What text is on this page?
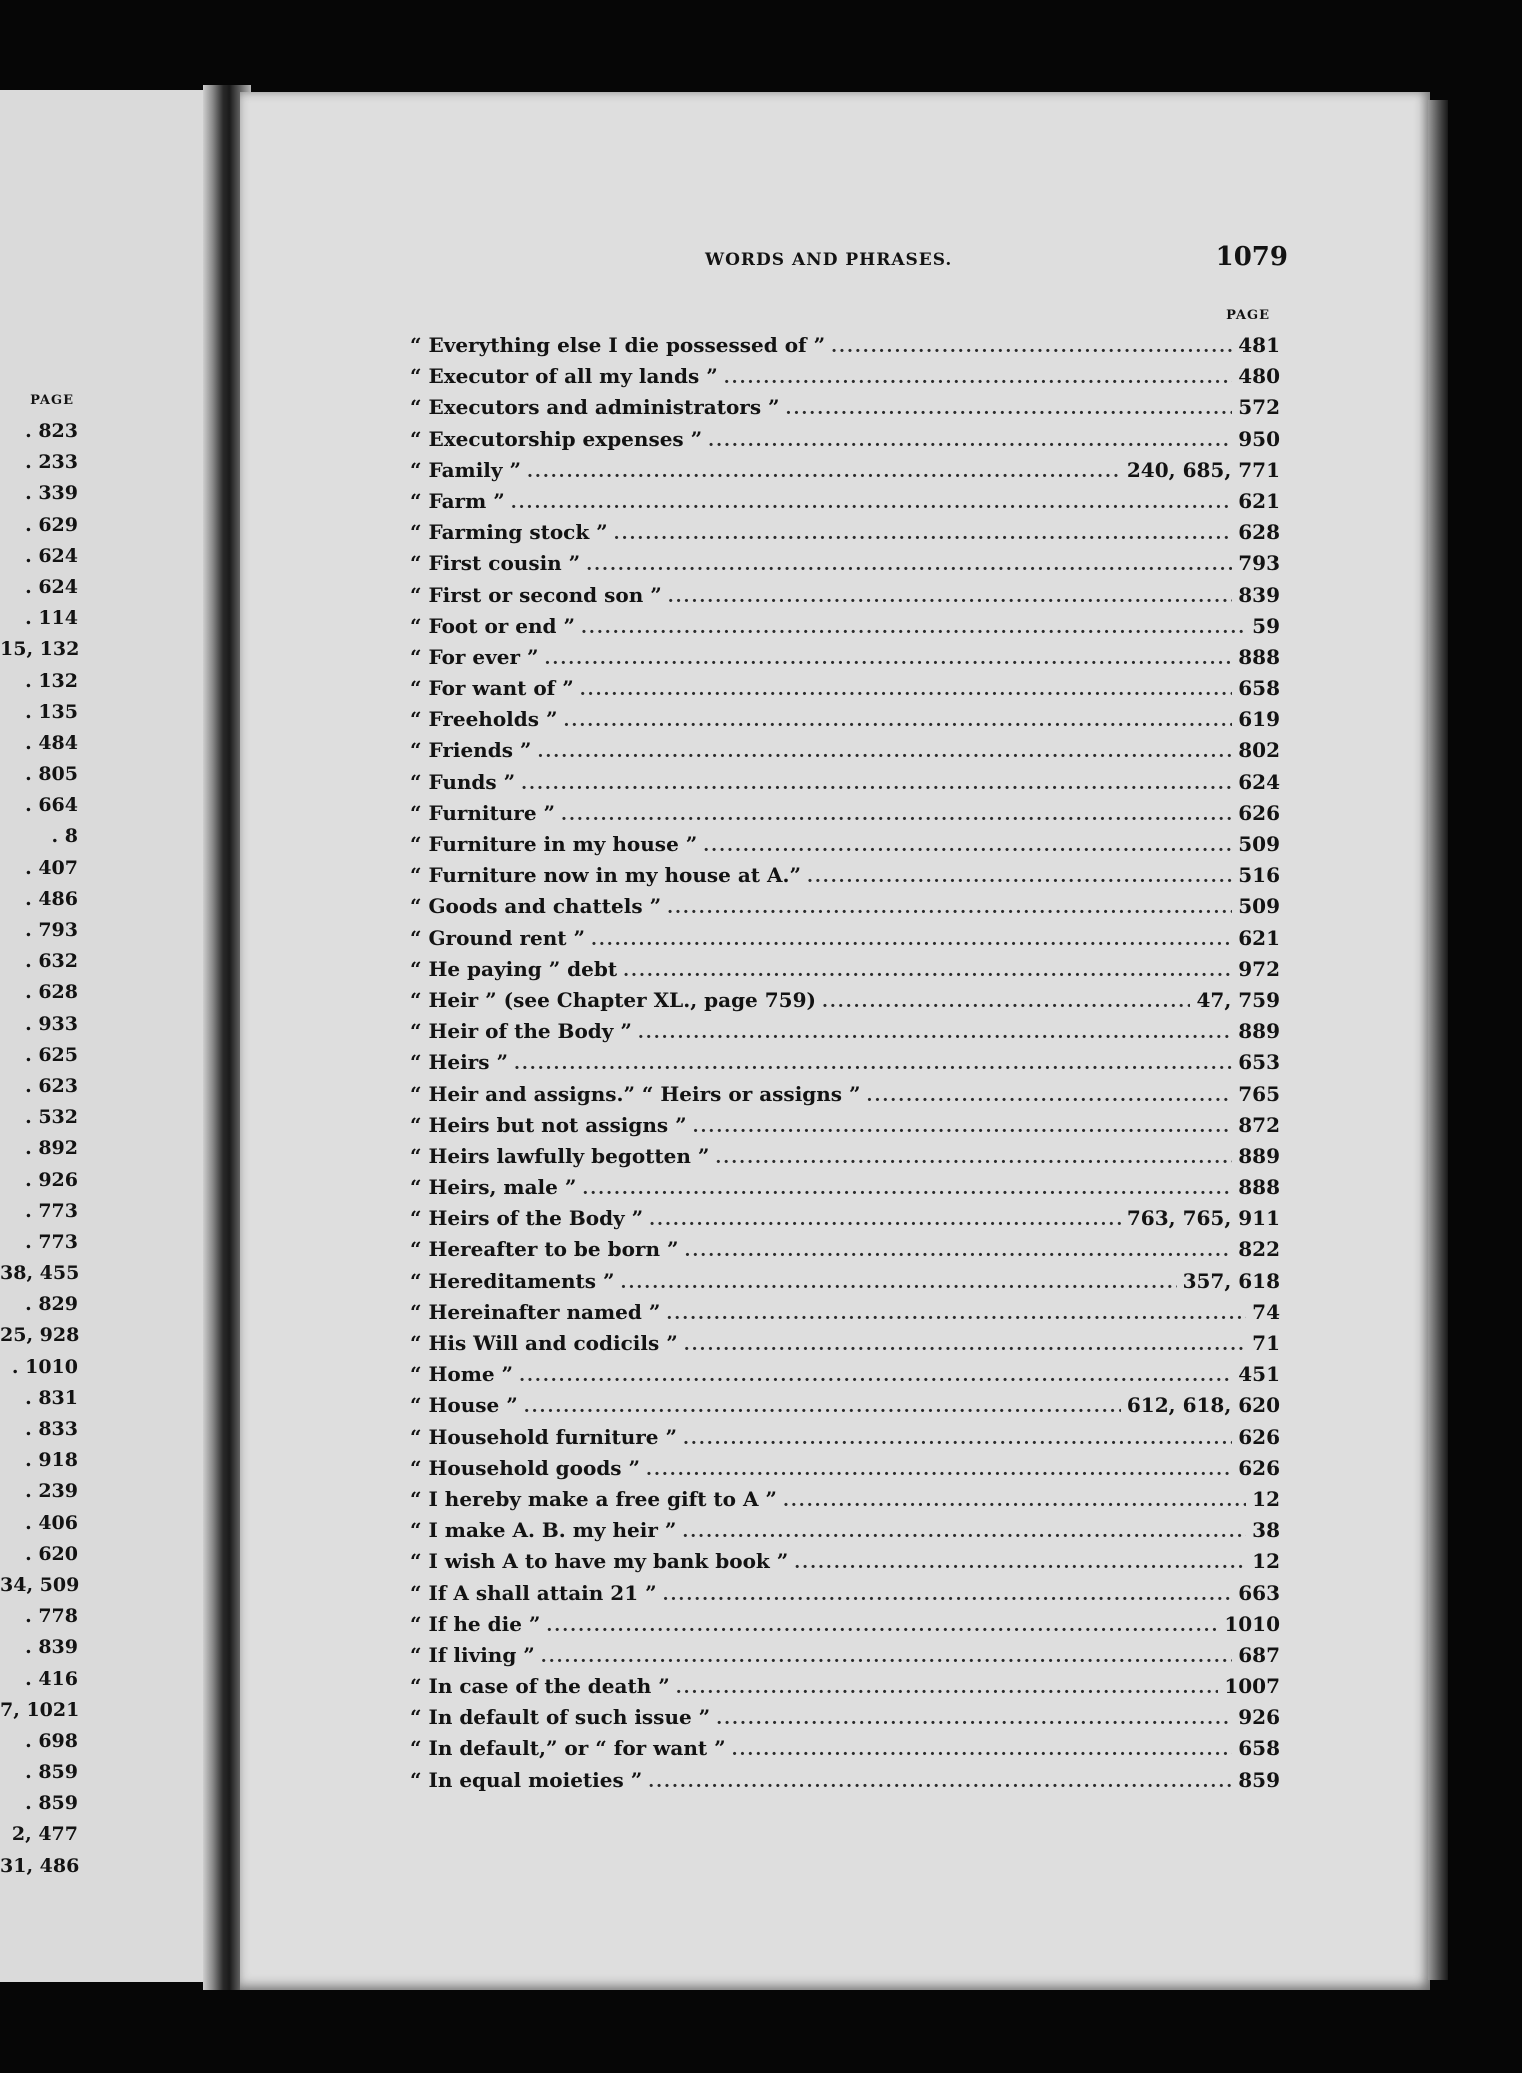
PAGE
. 823
. 233
. 339
. 629
. 624
. 624
. 114
15, 132
. 132
. 135
. 484
. 805
. 664
. 8
. 407
. 486
. 793
. 632
. 628
. 933
. 625
. 623
. 532
. 892
. 926
. 773
. 773
38, 455
. 829
25, 928
. 1010
. 831
. 833
. 918
. 239
. 406
. 620
34, 509
. 778
. 839
. 416
7, 1021
. 698
. 859
. 859
2, 477
31, 486
WORDS AND PHRASES.	1079
PAGE
“ Everything else I die possessed of ” .....	481
“ Executor of all my lands ” .....	480
“ Executors and administrators ” .....	572
“ Executorship expenses ” .....	950
“ Family ” .....	240, 685, 771
“ Farm ” .....	621
“ Farming stock ” .....	628
“ First cousin ” .....	793
“ First or second son ” .....	839
“ Foot or end ” .....	59
“ For ever ” .....	888
“ For want of ” .....	658
“ Freeholds ” .....	619
“ Friends ” .....	802
“ Funds ” .....	624
“ Furniture ” .....	626
“ Furniture in my house ” .....	509
“ Furniture now in my house at A.” .....	516
“ Goods and chattels ” .....	509
“ Ground rent ” .....	621
“ He paying ” debt .....	972
“ Heir ” (see Chapter XL., page 759) .....	47, 759
“ Heir of the Body ” .....	889
“ Heirs ” .....	653
“ Heir and assigns.” “ Heirs or assigns ” .....	765
“ Heirs but not assigns ” .....	872
“ Heirs lawfully begotten ” .....	889
“ Heirs, male ” .....	888
“ Heirs of the Body ” .....	763, 765, 911
“ Hereafter to be born ” .....	822
“ Hereditaments ” .....	357, 618
“ Hereinafter named ” .....	74
“ His Will and codicils ” .....	71
“ Home ” .....	451
“ House ” .....	612, 618, 620
“ Household furniture ” .....	626
“ Household goods ” .....	626
“ I hereby make a free gift to A ” .....	12
“ I make A. B. my heir ” .....	38
“ I wish A to have my bank book ” .....	12
“ If A shall attain 21 ” .....	663
“ If he die ” .....	1010
“ If living ” .....	687
“ In case of the death ” .....	1007
“ In default of such issue ” .....	926
“ In default,” or “ for want ” .....	658
“ In equal moieties ” .....	859
